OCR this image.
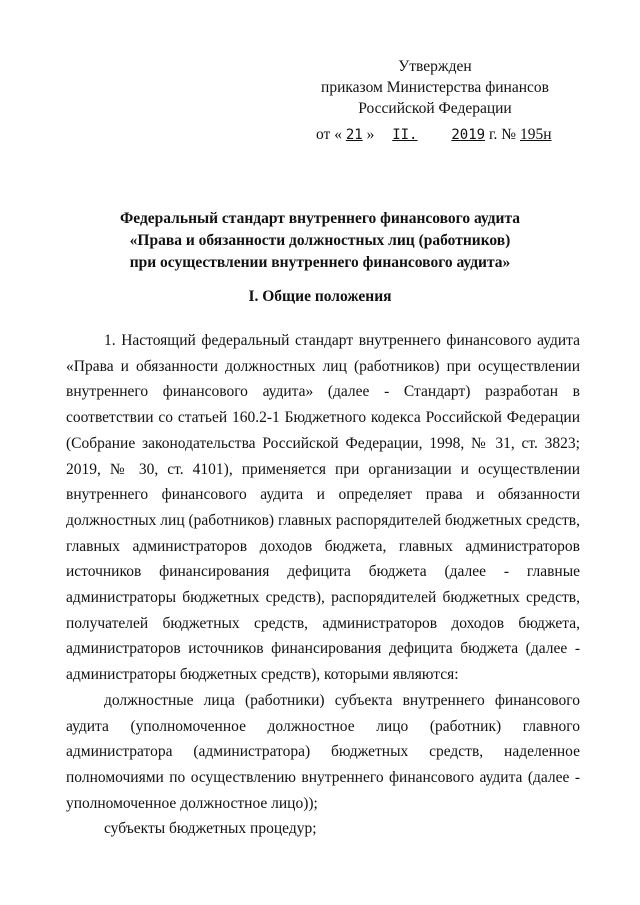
Утвержден
приказом Министерства финансов
Российской Федерации
от « 21 » II. 2019 г. № 195н
Федеральный стандарт внутреннего финансового аудита
«Права и обязанности должностных лиц (работников)
при осуществлении внутреннего финансового аудита»
I. Общие положения

1. Настоящий федеральный стандарт внутреннего финансового аудита «Права и обязанности должностных лиц (работников) при осуществлении внутреннего финансового аудита» (далее - Стандарт) разработан в соответствии со статьей 160.2-1 Бюджетного кодекса Российской Федерации (Собрание законодательства Российской Федерации, 1998, № 31, ст. 3823; 2019, № 30, ст. 4101), применяется при организации и осуществлении внутреннего финансового аудита и определяет права и обязанности должностных лиц (работников) главных распорядителей бюджетных средств, главных администраторов доходов бюджета, главных администраторов источников финансирования дефицита бюджета (далее - главные администраторы бюджетных средств), распорядителей бюджетных средств, получателей бюджетных средств, администраторов доходов бюджета, администраторов источников финансирования дефицита бюджета (далее - администраторы бюджетных средств), которыми являются:

должностные лица (работники) субъекта внутреннего финансового аудита (уполномоченное должностное лицо (работник) главного администратора (администратора) бюджетных средств, наделенное полномочиями по осуществлению внутреннего финансового аудита (далее - уполномоченное должностное лицо));

субъекты бюджетных процедур;
